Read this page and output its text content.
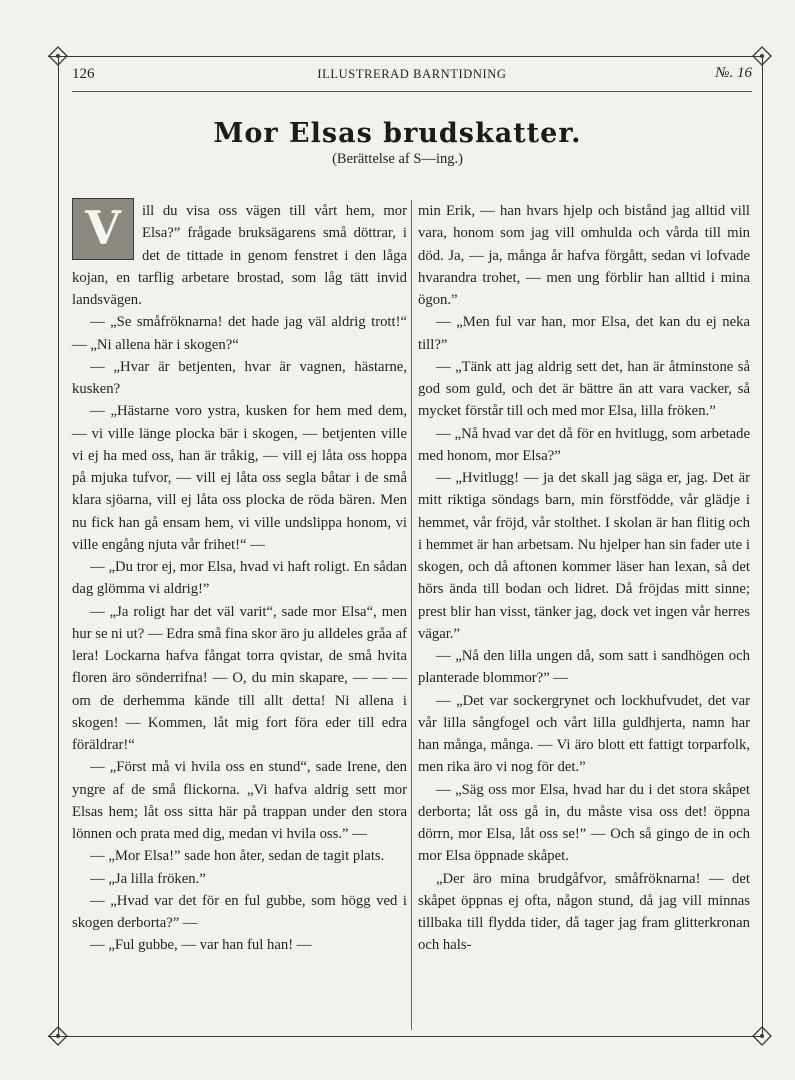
126	ILLUSTRERAD BARNTIDNING	№. 16
Mor Elsas brudskatter.
(Berättelse af S—ing.)

V	ill du visa oss vägen till vårt hem, mor Elsa?” frågade bruksägarens små döttrar, i det de tittade in genom fenstret i den låga kojan, en tarflig arbetare brostad, som låg tätt invid landsvägen.

— „Se småfröknarna! det hade jag väl aldrig trott!“ — „Ni allena här i skogen?“

— „Hvar är betjenten, hvar är vagnen, hästarne, kusken?

— „Hästarne voro ystra, kusken for hem med dem, — vi ville länge plocka bär i skogen, — betjenten ville vi ej ha med oss, han är tråkig, — vill ej låta oss hoppa på mjuka tufvor, — vill ej låta oss segla båtar i de små klara sjöarna, vill ej låta oss plocka de röda bären. Men nu fick han gå ensam hem, vi ville undslippa honom, vi ville engång njuta vår frihet!“ —

— „Du tror ej, mor Elsa, hvad vi haft roligt. En sådan dag glömma vi aldrig!”

— „Ja roligt har det väl varit“, sade mor Elsa“, men hur se ni ut? — Edra små fina skor äro ju alldeles gråa af lera! Lockarna hafva fångat torra qvistar, de små hvita floren äro sönderrifna! — O, du min skapare, — — — om de derhemma kände till allt detta! Ni allena i skogen! — Kommen, låt mig fort föra eder till edra föräldrar!“

— „Först må vi hvila oss en stund“, sade Irene, den yngre af de små flickorna. „Vi hafva aldrig sett mor Elsas hem; låt oss sitta här på trappan under den stora lönnen och prata med dig, medan vi hvila oss.” —

— „Mor Elsa!” sade hon åter, sedan de tagit plats.

— „Ja lilla fröken.”

— „Hvad var det för en ful gubbe, som högg ved i skogen derborta?” —

— „Ful gubbe, — var han ful han! —

min Erik, — han hvars hjelp och bistånd jag alltid vill vara, honom som jag vill omhulda och vårda till min död. Ja, — ja, många år hafva förgått, sedan vi lofvade hvarandra trohet, — men ung förblir han alltid i mina ögon.”

— „Men ful var han, mor Elsa, det kan du ej neka till?”

— „Tänk att jag aldrig sett det, han är åtminstone så god som guld, och det är bättre än att vara vacker, så mycket förstår till och med mor Elsa, lilla fröken.”

— „Nå hvad var det då för en hvitlugg, som arbetade med honom, mor Elsa?”

— „Hvitlugg! — ja det skall jag säga er, jag. Det är mitt riktiga söndags barn, min förstfödde, vår glädje i hemmet, vår fröjd, vår stolthet. I skolan är han flitig och i hemmet är han arbetsam. Nu hjelper han sin fader ute i skogen, och då aftonen kommer läser han lexan, så det hörs ända till bodan och lidret. Då fröjdas mitt sinne; prest blir han visst, tänker jag, dock vet ingen vår herres vägar.”

— „Nå den lilla ungen då, som satt i sandhögen och planterade blommor?” —

— „Det var sockergrynet och lockhufvudet, det var vår lilla sångfogel och vårt lilla guldhjerta, namn har han många, många. — Vi äro blott ett fattigt torparfolk, men rika äro vi nog för det.”

— „Säg oss mor Elsa, hvad har du i det stora skåpet derborta; låt oss gå in, du måste visa oss det! öppna dörrn, mor Elsa, låt oss se!” — Och så gingo de in och mor Elsa öppnade skåpet.

„Der äro mina brudgåfvor, småfröknarna! — det skåpet öppnas ej ofta, någon stund, då jag vill minnas tillbaka till flydda tider, då tager jag fram glitterkronan och hals-
